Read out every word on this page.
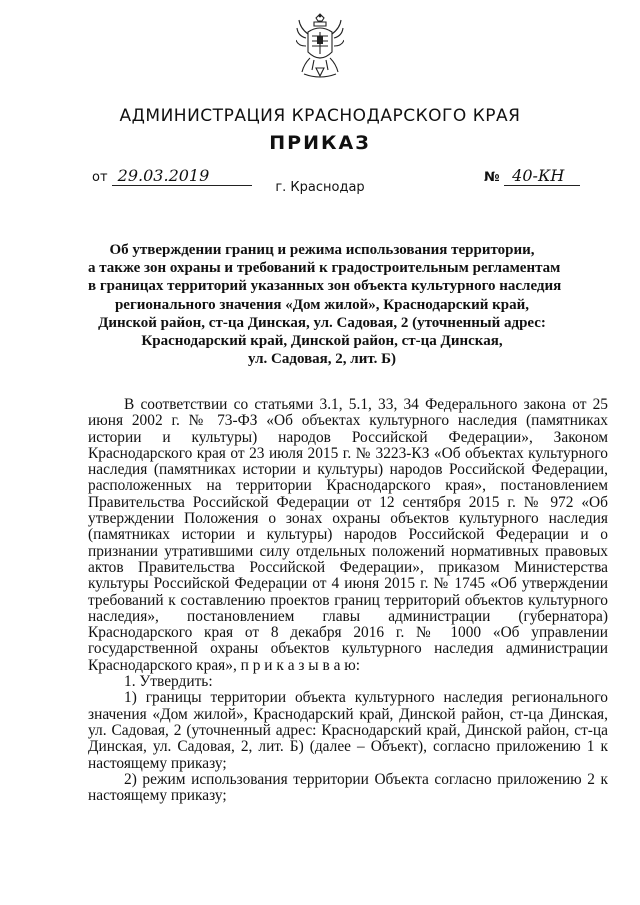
АДМИНИСТРАЦИЯ КРАСНОДАРСКОГО КРАЯ
ПРИКАЗ
от 29.03.2019	№ 40-КН
г. Краснодар
Об утверждении границ и режима использования территории,
а также зон охраны и требований к градостроительным регламентам
в границах территорий указанных зон объекта культурного наследия
регионального значения «Дом жилой», Краснодарский край,
Динской район, ст-ца Динская, ул. Садовая, 2 (уточненный адрес:
Краснодарский край, Динской район, ст-ца Динская,
ул. Садовая, 2, лит. Б)

В соответствии со статьями 3.1, 5.1, 33, 34 Федерального закона от 25 июня 2002 г. № 73-ФЗ «Об объектах культурного наследия (памятниках истории и культуры) народов Российской Федерации», Законом Краснодарского края от 23 июля 2015 г. № 3223-КЗ «Об объектах культурного наследия (памятниках истории и культуры) народов Российской Федерации, расположенных на территории Краснодарского края», постановлением Правительства Российской Федерации от 12 сентября 2015 г. № 972 «Об утверждении Положения о зонах охраны объектов культурного наследия (памятниках истории и культуры) народов Российской Федерации и о признании утратившими силу отдельных положений нормативных правовых актов Правительства Российской Федерации», приказом Министерства культуры Российской Федерации от 4 июня 2015 г. № 1745 «Об утверждении требований к составлению проектов границ территорий объектов культурного наследия», постановлением главы администрации (губернатора) Краснодарского края от 8 декабря 2016 г. № 1000 «Об управлении государственной охраны объектов культурного наследия администрации Краснодарского края», п р и к а з ы в а ю:

1. Утвердить:

1) границы территории объекта культурного наследия регионального значения «Дом жилой», Краснодарский край, Динской район, ст-ца Динская, ул. Садовая, 2 (уточненный адрес: Краснодарский край, Динской район, ст-ца Динская, ул. Садовая, 2, лит. Б) (далее – Объект), согласно приложению 1 к настоящему приказу;

2) режим использования территории Объекта согласно приложению 2 к настоящему приказу;
